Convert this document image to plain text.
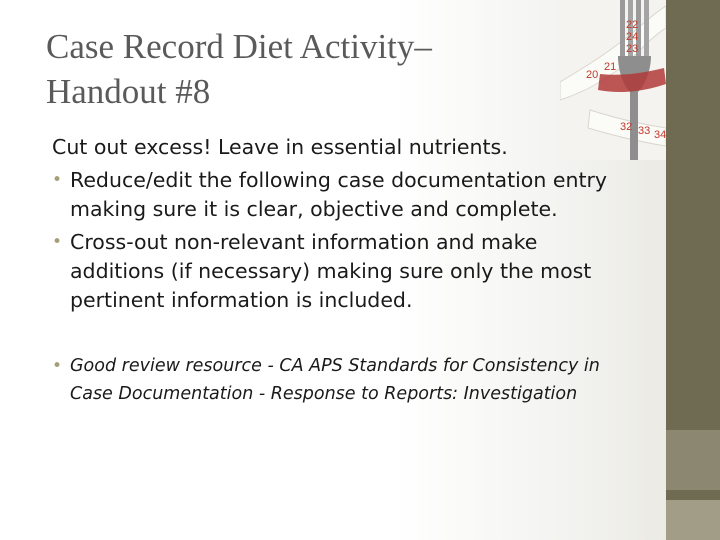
Case Record Diet Activity–
Handout #8	20
21
22
23
24
32 33 34

Cut out excess! Leave in essential nutrients.

• Reduce/edit the following case documentation entry making sure it is clear, objective and complete.
• Cross-out non-relevant information and make additions (if necessary) making sure only the most pertinent information is included.
• Good review resource - CA APS Standards for Consistency in Case Documentation - Response to Reports: Investigation
